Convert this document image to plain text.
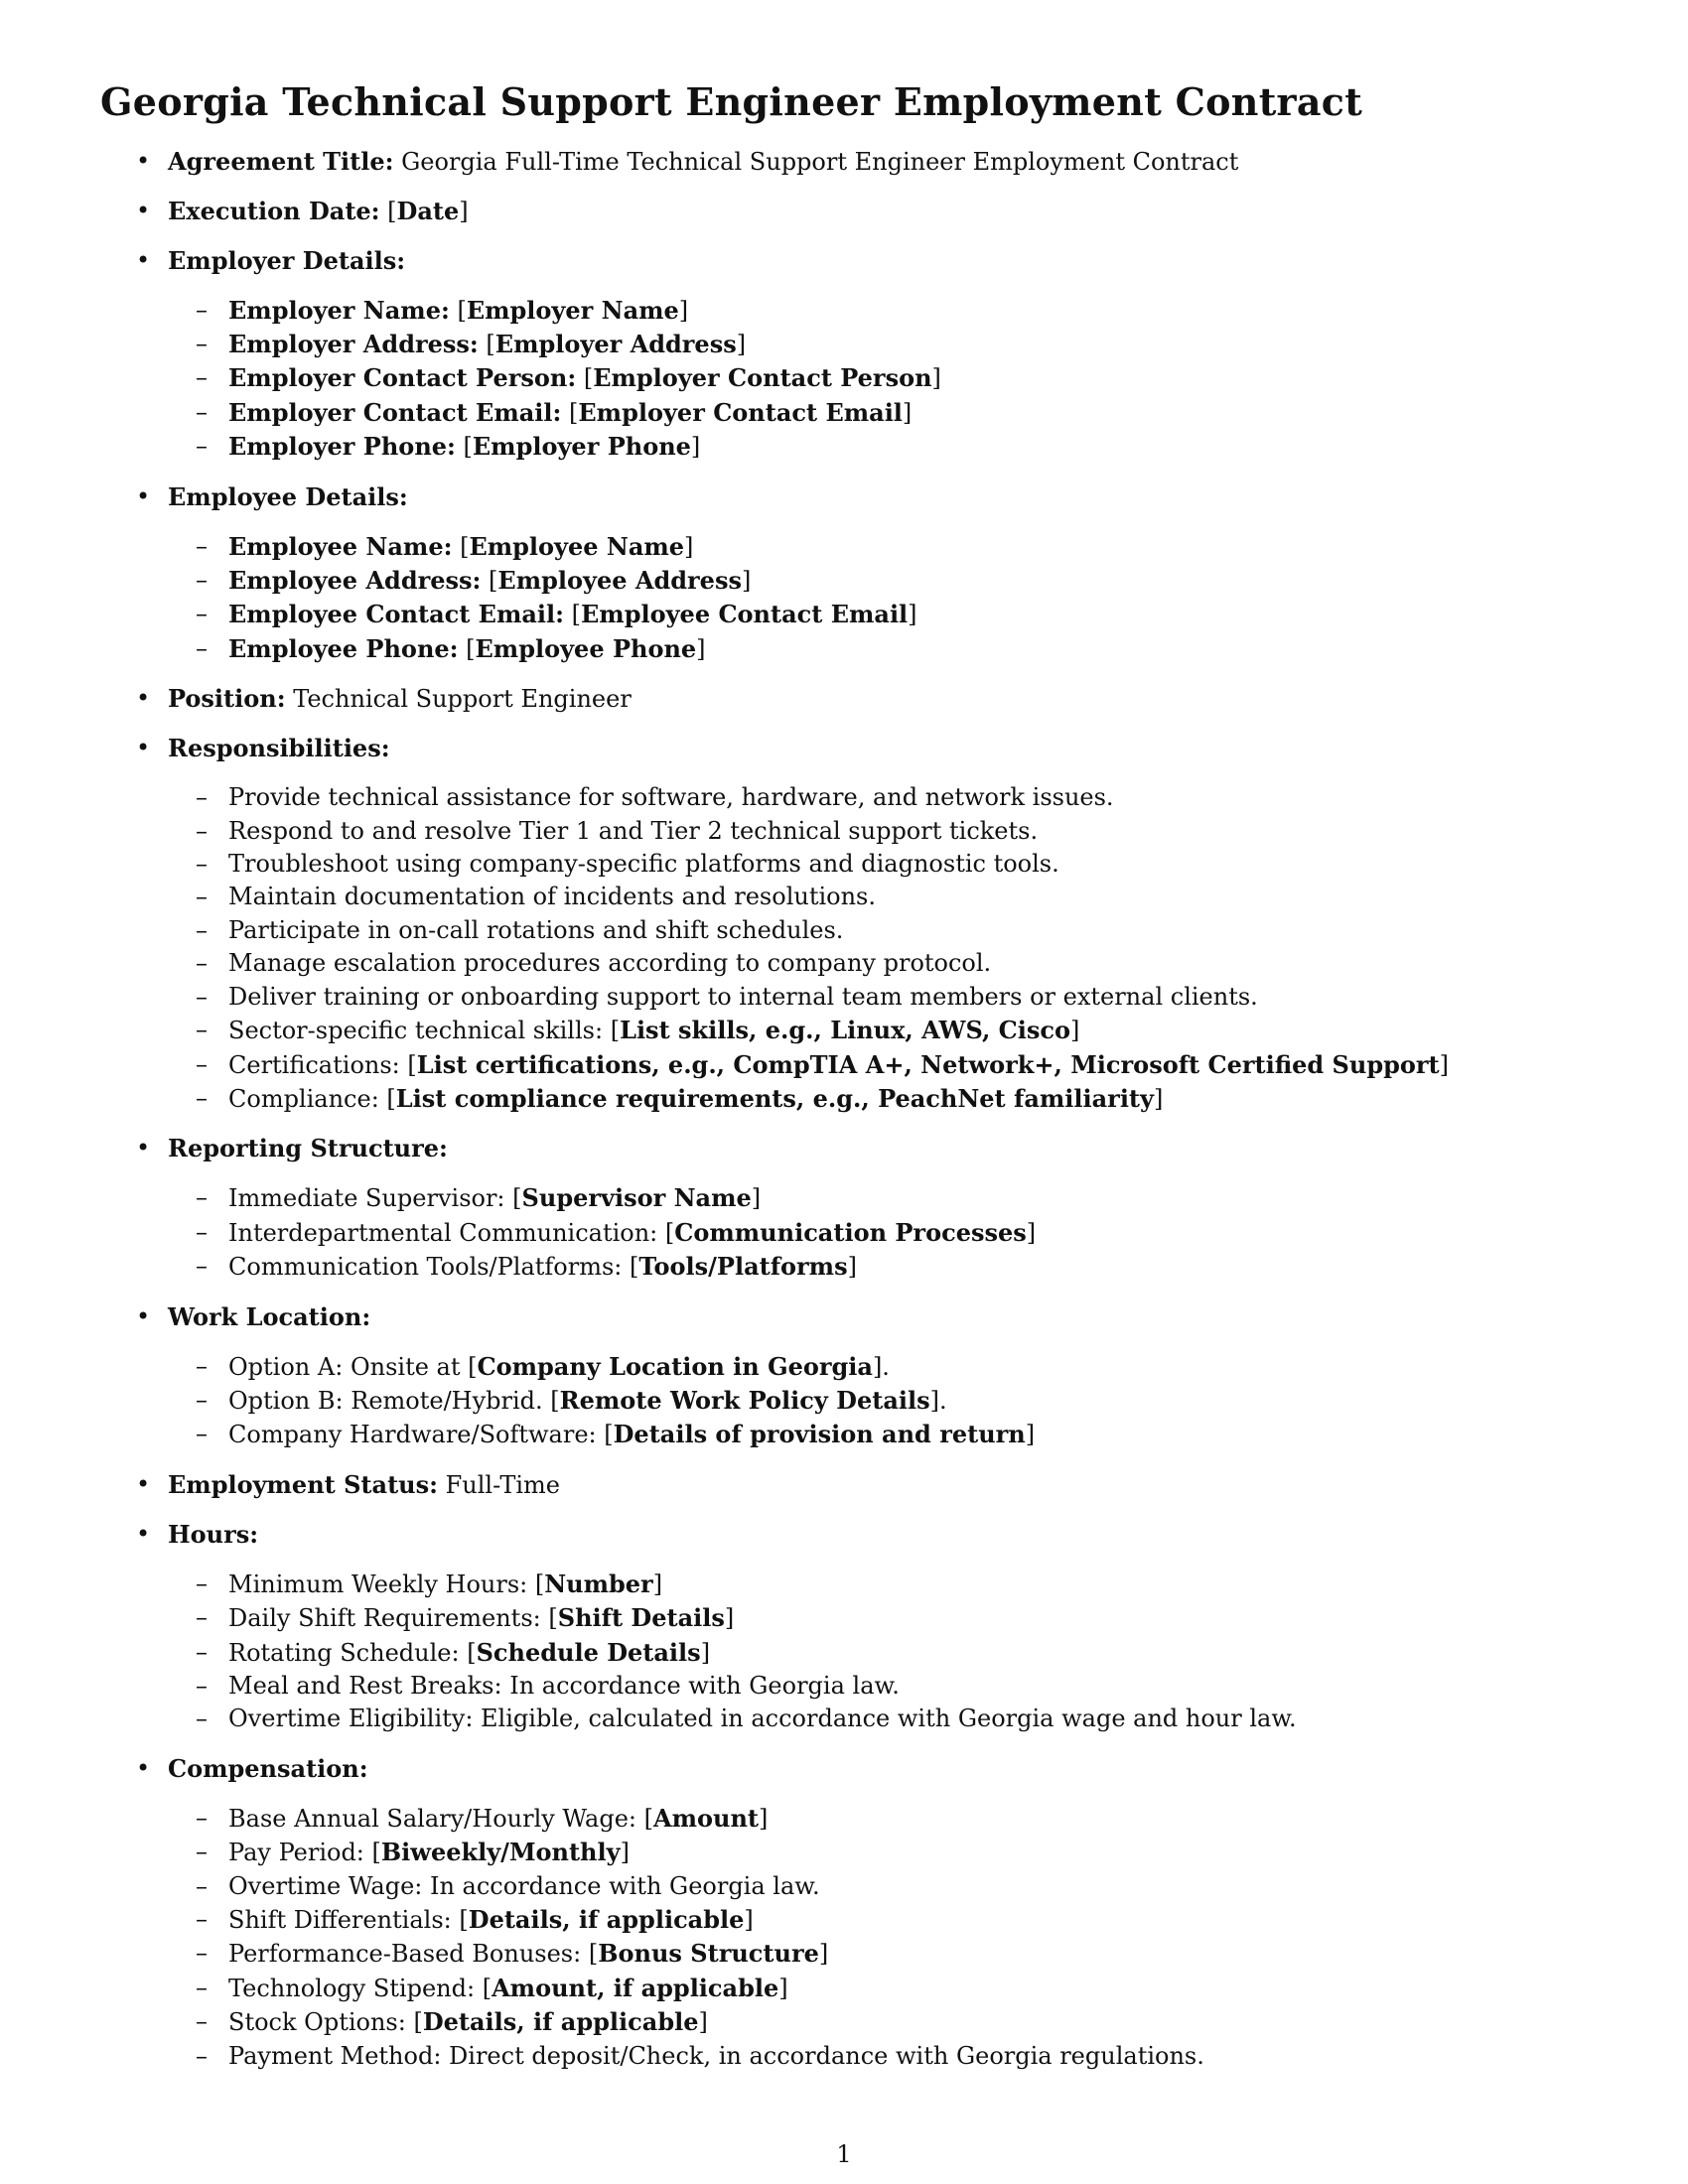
Georgia Technical Support Engineer Employment Contract
• Agreement Title: Georgia Full-Time Technical Support Engineer Employment Contract
• Execution Date: [Date]
• Employer Details:
– Employer Name: [Employer Name]
– Employer Address: [Employer Address]
– Employer Contact Person: [Employer Contact Person]
– Employer Contact Email: [Employer Contact Email]
– Employer Phone: [Employer Phone]
• Employee Details:
– Employee Name: [Employee Name]
– Employee Address: [Employee Address]
– Employee Contact Email: [Employee Contact Email]
– Employee Phone: [Employee Phone]
• Position: Technical Support Engineer
• Responsibilities:
– Provide technical assistance for software, hardware, and network issues.
– Respond to and resolve Tier 1 and Tier 2 technical support tickets.
– Troubleshoot using company-specific platforms and diagnostic tools.
– Maintain documentation of incidents and resolutions.
– Participate in on-call rotations and shift schedules.
– Manage escalation procedures according to company protocol.
– Deliver training or onboarding support to internal team members or external clients.
– Sector-specific technical skills: [List skills, e.g., Linux, AWS, Cisco]
– Certifications: [List certifications, e.g., CompTIA A+, Network+, Microsoft Certified Support]
– Compliance: [List compliance requirements, e.g., PeachNet familiarity]
• Reporting Structure:
– Immediate Supervisor: [Supervisor Name]
– Interdepartmental Communication: [Communication Processes]
– Communication Tools/Platforms: [Tools/Platforms]
• Work Location:
– Option A: Onsite at [Company Location in Georgia].
– Option B: Remote/Hybrid. [Remote Work Policy Details].
– Company Hardware/Software: [Details of provision and return]
• Employment Status: Full-Time
• Hours:
– Minimum Weekly Hours: [Number]
– Daily Shift Requirements: [Shift Details]
– Rotating Schedule: [Schedule Details]
– Meal and Rest Breaks: In accordance with Georgia law.
– Overtime Eligibility: Eligible, calculated in accordance with Georgia wage and hour law.
• Compensation:
– Base Annual Salary/Hourly Wage: [Amount]
– Pay Period: [Biweekly/Monthly]
– Overtime Wage: In accordance with Georgia law.
– Shift Differentials: [Details, if applicable]
– Performance-Based Bonuses: [Bonus Structure]
– Technology Stipend: [Amount, if applicable]
– Stock Options: [Details, if applicable]
– Payment Method: Direct deposit/Check, in accordance with Georgia regulations.
1
